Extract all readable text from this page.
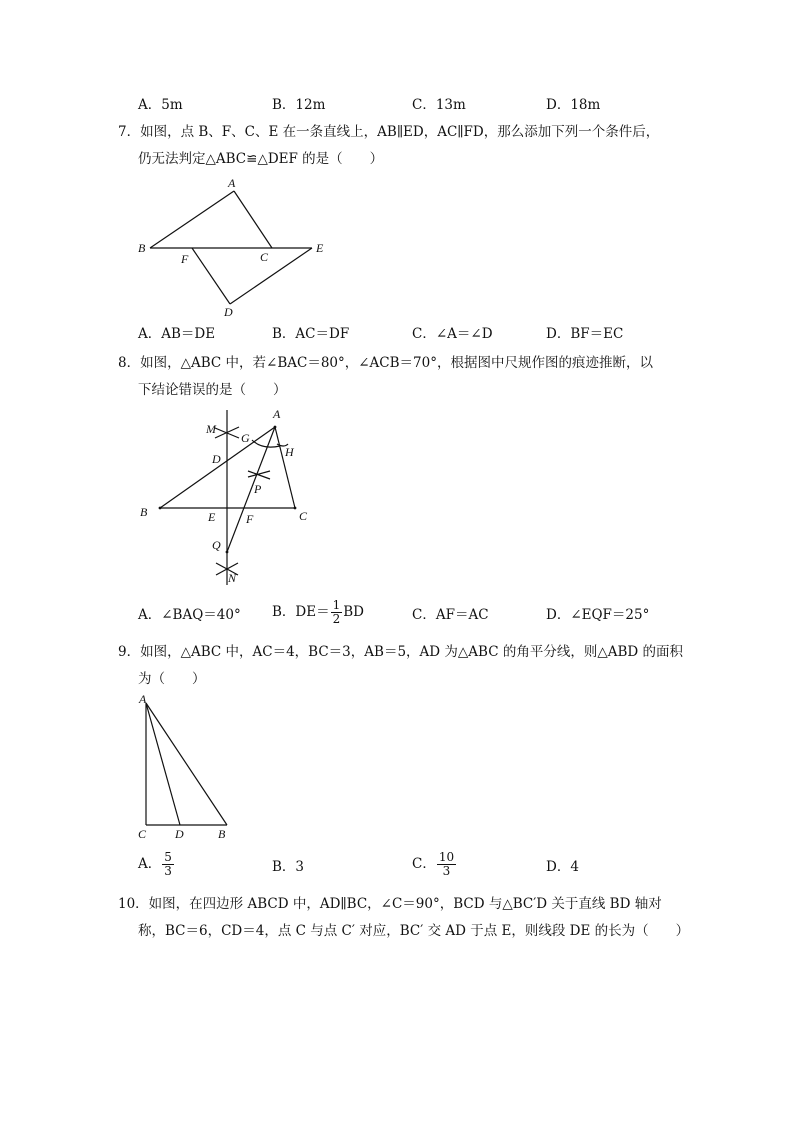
A．5m	B．12m	C．13m	D．18m
7．如图，点 B、F、C、E 在一条直线上，AB∥ED，AC∥FD，那么添加下列一个条件后，
仍无法判定△ABC≌△DEF 的是（　　）
A
B
C
D
E
F
A．AB＝DE	B．AC＝DF	C．∠A＝∠D	D．BF＝EC
8．如图，△ABC 中，若∠BAC＝80°，∠ACB＝70°，根据图中尺规作图的痕迹推断，以
下结论错误的是（　　）
A
M
G
H
D
P
B	E	F	C
Q
N
A．∠BAQ＝40° B．$DE= \frac{1}{2}$ BD	C．AF＝AC	D．∠EQF＝25°
9．如图，△ABC 中，AC＝4，BC＝3，AB＝5，AD 为△ABC 的角平分线，则△ABD 的面积
为（　　）
A
C D	B
A． $\frac{5}{3}$	B．3	C． $\frac{10}{3}$	D．4
10．如图，在四边形 ABCD 中，AD∥BC，∠C＝90°，BCD 与△BC′D 关于直线 BD 轴对
称，BC＝6，CD＝4，点 C 与点 C′ 对应，BC′ 交 AD 于点 E，则线段 DE 的长为（　　）
